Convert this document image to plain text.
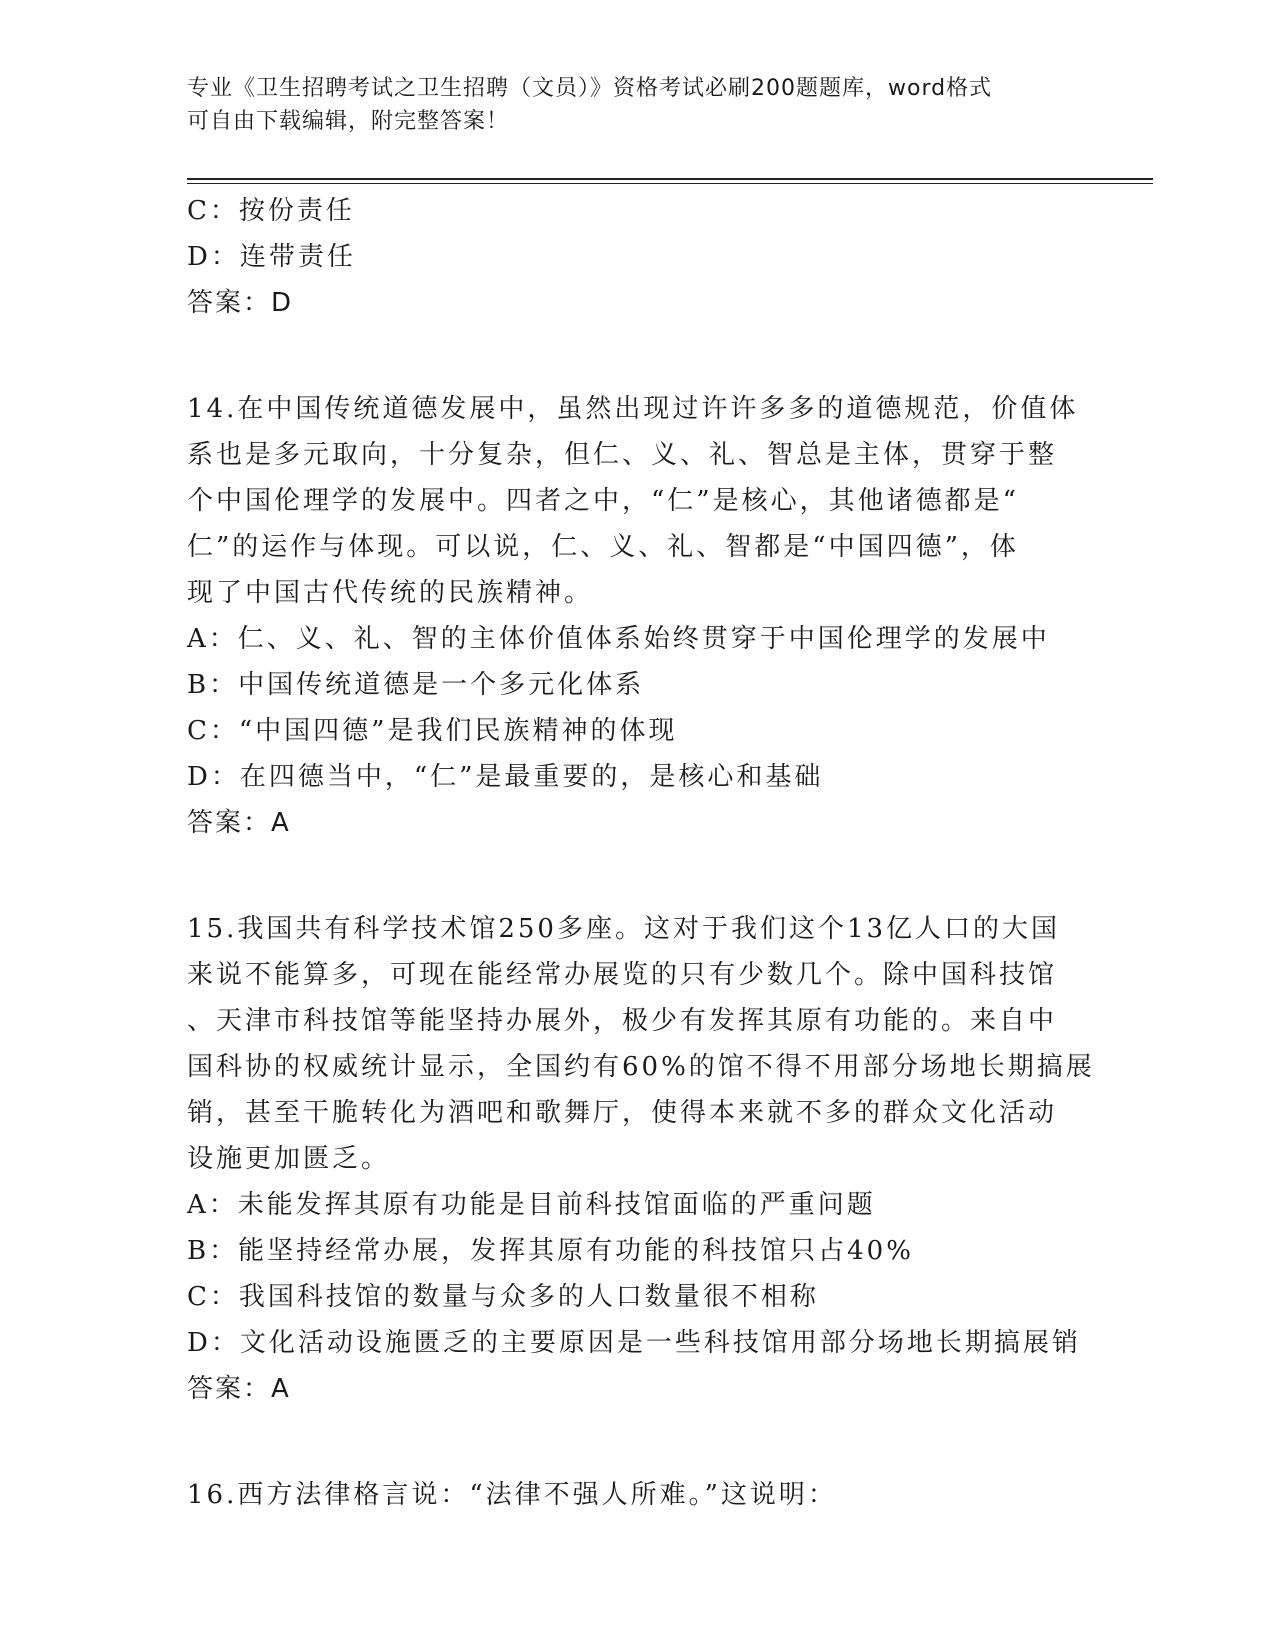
专业《卫生招聘考试之卫生招聘（文员）》资格考试必刷200题题库，word格式
可自由下载编辑，附完整答案！

C：按份责任

D：连带责任

答案：D

14.在中国传统道德发展中，虽然出现过许许多多的道德规范，价值体

系也是多元取向，十分复杂，但仁、义、礼、智总是主体，贯穿于整

个中国伦理学的发展中。四者之中，“仁”是核心，其他诸德都是“

仁”的运作与体现。可以说，仁、义、礼、智都是“中国四德”，体

现了中国古代传统的民族精神。

A：仁、义、礼、智的主体价值体系始终贯穿于中国伦理学的发展中

B：中国传统道德是一个多元化体系

C：“中国四德”是我们民族精神的体现

D：在四德当中，“仁”是最重要的，是核心和基础

答案：A

15.我国共有科学技术馆250多座。这对于我们这个13亿人口的大国

来说不能算多，可现在能经常办展览的只有少数几个。除中国科技馆

、天津市科技馆等能坚持办展外，极少有发挥其原有功能的。来自中

国科协的权威统计显示，全国约有60%的馆不得不用部分场地长期搞展

销，甚至干脆转化为酒吧和歌舞厅，使得本来就不多的群众文化活动

设施更加匮乏。

A：未能发挥其原有功能是目前科技馆面临的严重问题

B：能坚持经常办展，发挥其原有功能的科技馆只占40%

C：我国科技馆的数量与众多的人口数量很不相称

D：文化活动设施匮乏的主要原因是一些科技馆用部分场地长期搞展销

答案：A

16.西方法律格言说：“法律不强人所难。”这说明：
